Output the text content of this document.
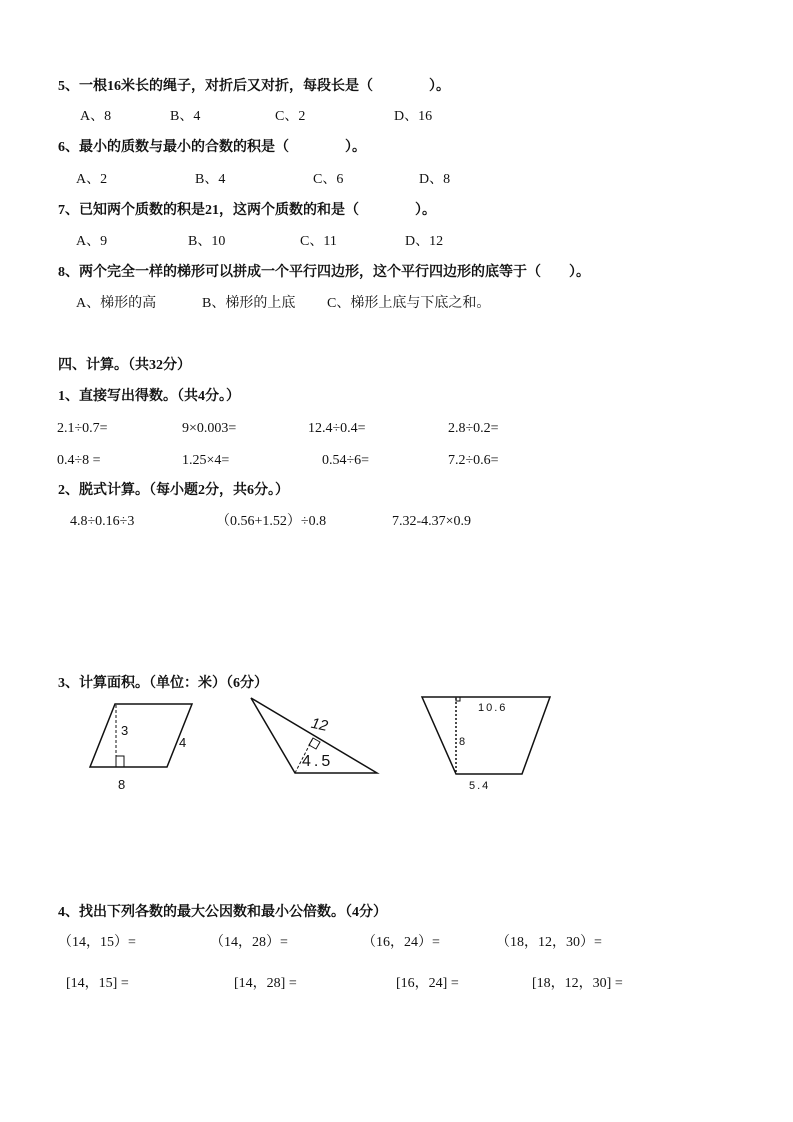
5、一根16米长的绳子，对折后又对折，每段长是（　　　　）。
A、8	B、4	C、2	D、16
6、最小的质数与最小的合数的积是（　　　　）。
A、2	B、4	C、6	D、8
7、已知两个质数的积是21，这两个质数的和是（　　　　）。
A、9	B、10	C、11	D、12
8、两个完全一样的梯形可以拼成一个平行四边形，这个平行四边形的底等于（　　）。
A、梯形的高	B、梯形的上底 C、梯形上底与下底之和。
四、计算。（共32分）
1、直接写出得数。（共4分。）
2.1÷0.7=	9×0.003=	12.4÷0.4=	2.8÷0.2=
0.4÷8 =	1.25×4=	0.54÷6=	7.2÷0.6=
2、脱式计算。（每小题2分，共6分。）
4.8÷0.16÷3	（0.56+1.52）÷0.8	7.32-4.37×0.9
3、计算面积。（单位：米）（6分）
3
4
8
12
4.5
10.6
8
5.4
4、找出下列各数的最大公因数和最小公倍数。（4分）
（14，15）=	（14，28）=	（16，24）=	（18，12，30）=
[14，15] =	[14，28] =	[16，24] =	[18，12，30] =
